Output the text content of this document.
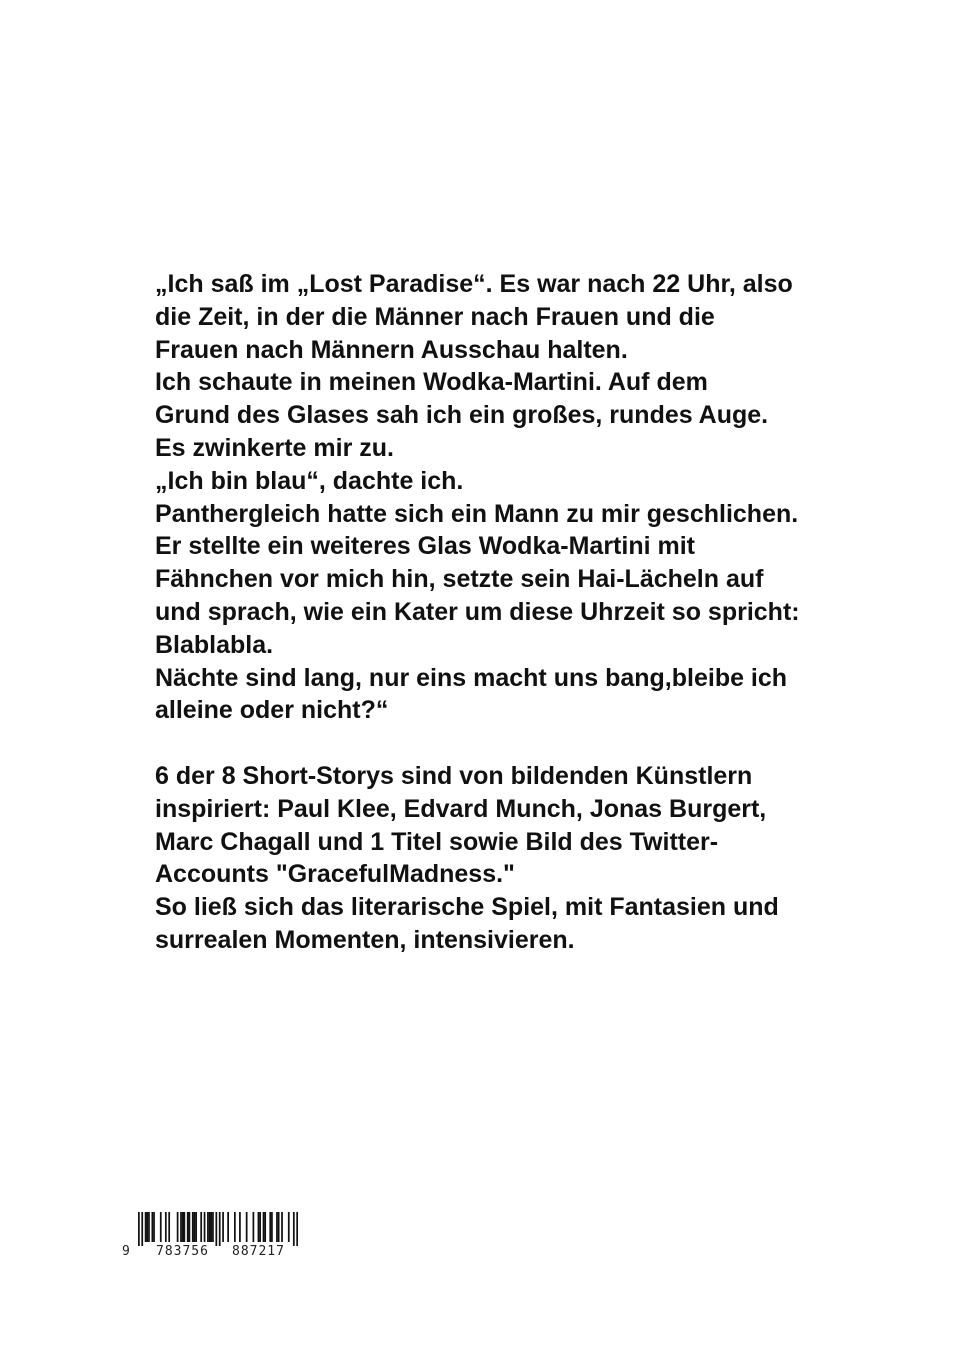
„Ich saß im „Lost Paradise“. Es war nach 22 Uhr, also
die Zeit, in der die Männer nach Frauen und die
Frauen nach Männern Ausschau halten.
Ich schaute in meinen Wodka-Martini. Auf dem
Grund des Glases sah ich ein großes, rundes Auge.
Es zwinkerte mir zu.
„Ich bin blau“, dachte ich.
Panthergleich hatte sich ein Mann zu mir geschlichen.
Er stellte ein weiteres Glas Wodka-Martini mit
Fähnchen vor mich hin, setzte sein Hai-Lächeln auf
und sprach, wie ein Kater um diese Uhrzeit so spricht:
Blablabla.
Nächte sind lang, nur eins macht uns bang,bleibe ich
alleine oder nicht?“
6 der 8 Short-Storys sind von bildenden Künstlern
inspiriert: Paul Klee, Edvard Munch, Jonas Burgert,
Marc Chagall und 1 Titel sowie Bild des Twitter-
Accounts "GracefulMadness."
So ließ sich das literarische Spiel, mit Fantasien und
surrealen Momenten, intensivieren.
9 783756 887217
